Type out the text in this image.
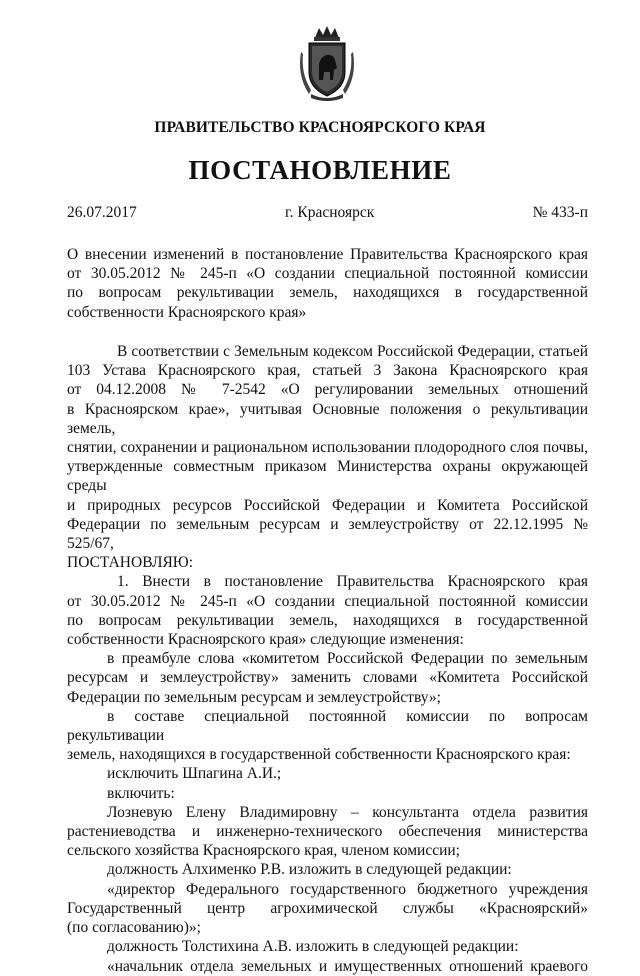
ПРАВИТЕЛЬСТВО КРАСНОЯРСКОГО КРАЯ
ПОСТАНОВЛЕНИЕ
26.07.2017	г. Красноярск	№ 433-п

О внесении изменений в постановление Правительства Красноярского края

от 30.05.2012 № 245-п «О создании специальной постоянной комиссии

по вопросам рекультивации земель, находящихся в государственной

собственности Красноярского края»

В соответствии с Земельным кодексом Российской Федерации, статьей

103 Устава Красноярского края, статьей 3 Закона Красноярского края

от 04.12.2008 № 7-2542 «О регулировании земельных отношений

в Красноярском крае», учитывая Основные положения о рекультивации земель,

снятии, сохранении и рациональном использовании плодородного слоя почвы,

утвержденные совместным приказом Министерства охраны окружающей среды

и природных ресурсов Российской Федерации и Комитета Российской

Федерации по земельным ресурсам и землеустройству от 22.12.1995 № 525/67,

ПОСТАНОВЛЯЮ:

1. Внести в постановление Правительства Красноярского края

от 30.05.2012 № 245-п «О создании специальной постоянной комиссии

по вопросам рекультивации земель, находящихся в государственной

собственности Красноярского края» следующие изменения:

в преамбуле слова «комитетом Российской Федерации по земельным

ресурсам и землеустройству» заменить словами «Комитета Российской

Федерации по земельным ресурсам и землеустройству»;

в составе специальной постоянной комиссии по вопросам рекультивации

земель, находящихся в государственной собственности Красноярского края:

исключить Шпагина А.И.;

включить:

Лозневую Елену Владимировну – консультанта отдела развития

растениеводства и инженерно-технического обеспечения министерства

сельского хозяйства Красноярского края, членом комиссии;

должность Алхименко Р.В. изложить в следующей редакции:

«директор Федерального государственного бюджетного учреждения

Государственный центр агрохимической службы «Красноярский»

(по согласованию)»;

должность Толстихина А.В. изложить в следующей редакции:

«начальник отдела земельных и имущественных отношений краевого
